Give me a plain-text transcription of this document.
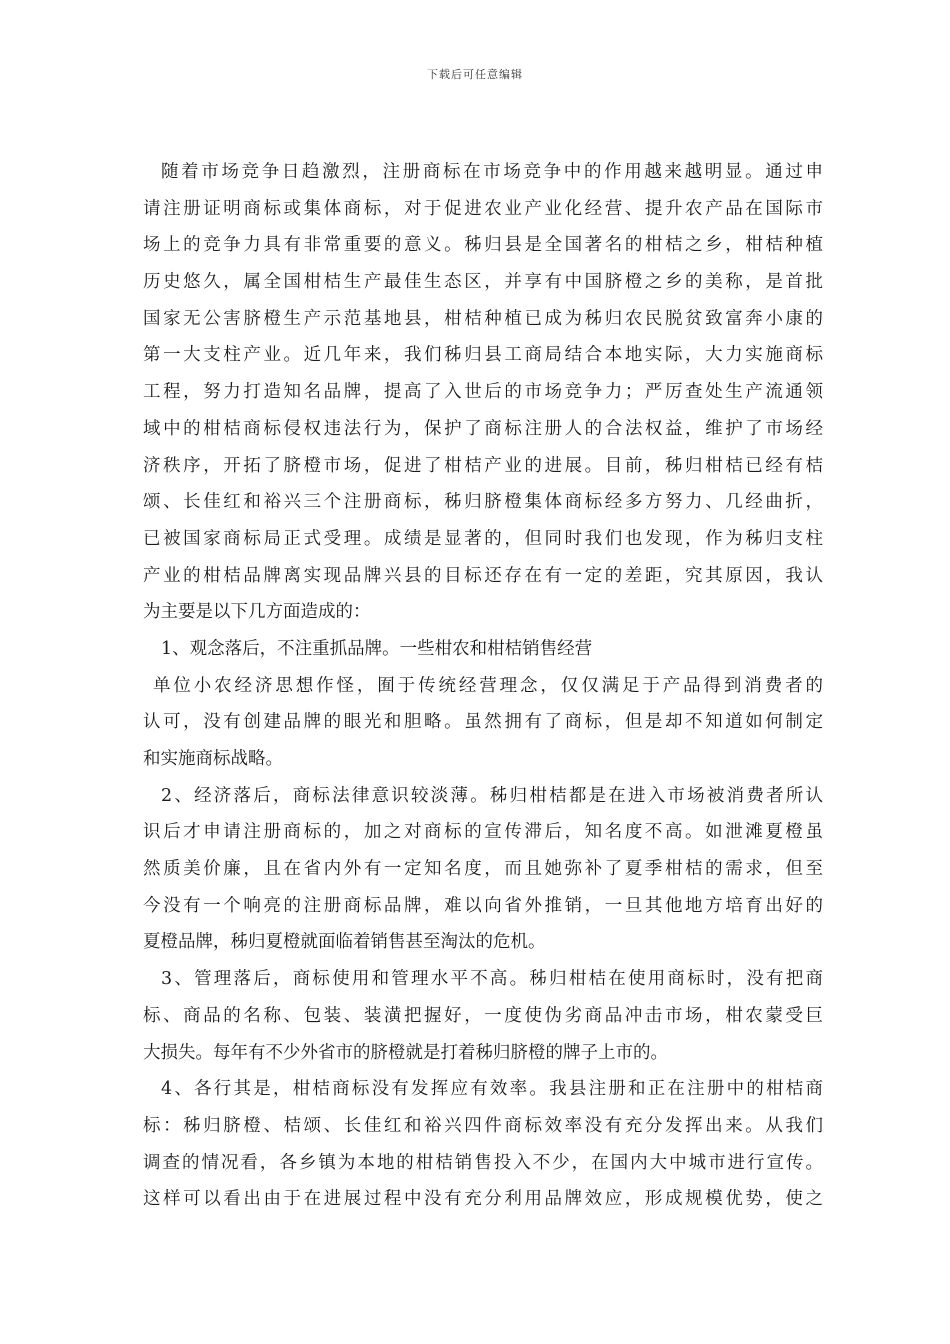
下载后可任意编辑
随着市场竞争日趋激烈，注册商标在市场竞争中的作用越来越明显。通过申
请注册证明商标或集体商标，对于促进农业产业化经营、提升农产品在国际市
场上的竞争力具有非常重要的意义。秭归县是全国著名的柑桔之乡，柑桔种植
历史悠久，属全国柑桔生产最佳生态区，并享有中国脐橙之乡的美称，是首批
国家无公害脐橙生产示范基地县，柑桔种植已成为秭归农民脱贫致富奔小康的
第一大支柱产业。近几年来，我们秭归县工商局结合本地实际，大力实施商标
工程，努力打造知名品牌，提高了入世后的市场竞争力；严厉查处生产流通领
域中的柑桔商标侵权违法行为，保护了商标注册人的合法权益，维护了市场经
济秩序，开拓了脐橙市场，促进了柑桔产业的进展。目前，秭归柑桔已经有桔
颂、长佳红和裕兴三个注册商标，秭归脐橙集体商标经多方努力、几经曲折，
已被国家商标局正式受理。成绩是显著的，但同时我们也发现，作为秭归支柱
产业的柑桔品牌离实现品牌兴县的目标还存在有一定的差距，究其原因，我认
为主要是以下几方面造成的：
1、观念落后，不注重抓品牌。一些柑农和柑桔销售经营
单位小农经济思想作怪，囿于传统经营理念，仅仅满足于产品得到消费者的
认可，没有创建品牌的眼光和胆略。虽然拥有了商标，但是却不知道如何制定
和实施商标战略。
2、经济落后，商标法律意识较淡薄。秭归柑桔都是在进入市场被消费者所认
识后才申请注册商标的，加之对商标的宣传滞后，知名度不高。如泄滩夏橙虽
然质美价廉，且在省内外有一定知名度，而且她弥补了夏季柑桔的需求，但至
今没有一个响亮的注册商标品牌，难以向省外推销，一旦其他地方培育出好的
夏橙品牌，秭归夏橙就面临着销售甚至淘汰的危机。
3、管理落后，商标使用和管理水平不高。秭归柑桔在使用商标时，没有把商
标、商品的名称、包装、装潢把握好，一度使伪劣商品冲击市场，柑农蒙受巨
大损失。每年有不少外省市的脐橙就是打着秭归脐橙的牌子上市的。
4、各行其是，柑桔商标没有发挥应有效率。我县注册和正在注册中的柑桔商
标：秭归脐橙、桔颂、长佳红和裕兴四件商标效率没有充分发挥出来。从我们
调查的情况看，各乡镇为本地的柑桔销售投入不少，在国内大中城市进行宣传。
这样可以看出由于在进展过程中没有充分利用品牌效应，形成规模优势，使之
